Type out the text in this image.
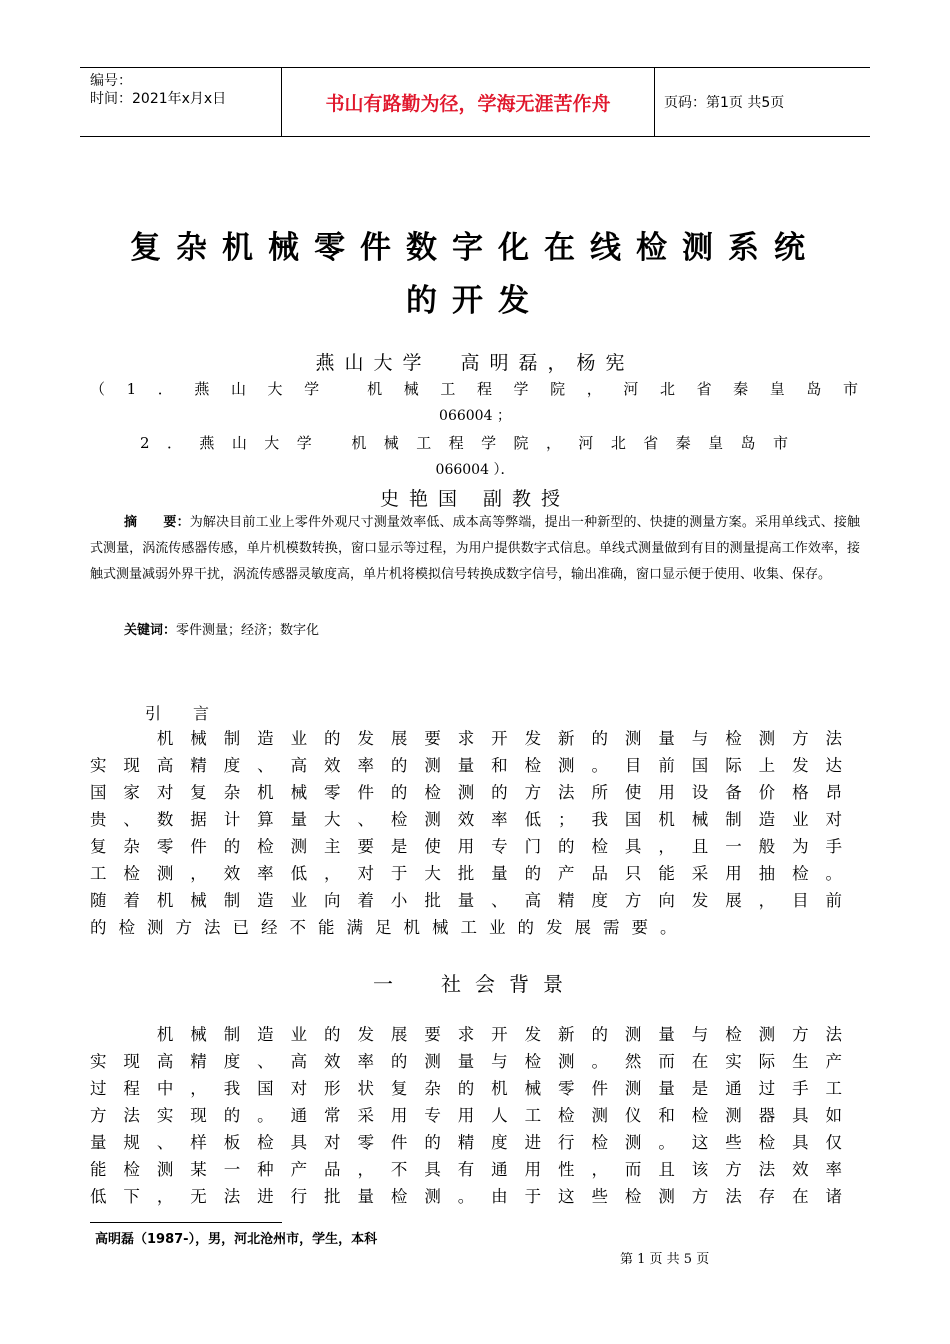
编号：
时间：2021年x月x日	书山有路勤为径，学海无涯苦作舟	页码：第1页 共5页
复杂机械零件数字化在线检测系统
的开发
燕山大学　高明磊，杨宪
（1．燕山大学 机械工程学院，河北省秦皇岛市
066004 ；
2．燕山大学 机械工程学院，河北省秦皇岛市
066004 ）．
史艳国 副教授
摘　　要：为解决目前工业上零件外观尺寸测量效率低、成本高等弊端，提出一种新型的、快捷的测量方案。采用单线式、接触式测量，涡流传感器传感，单片机模数转换，窗口显示等过程，为用户提供数字式信息。单线式测量做到有目的测量提高工作效率，接触式测量减弱外界干扰，涡流传感器灵敏度高，单片机将模拟信号转换成数字信号，输出准确，窗口显示便于使用、收集、保存。
关键词：零件测量；经济；数字化
引　言
　　机械制造业的发展要求开发新的测量与检测方法
实现高精度、高效率的测量和检测。目前国际上发达
国家对复杂机械零件的检测的方法所使用设备价格昂
贵、数据计算量大、检测效率低；我国机械制造业对
复杂零件的检测主要是使用专门的检具，且一般为手
工检测，效率低，对于大批量的产品只能采用抽检。
随着机械制造业向着小批量、高精度方向发展，目前
的检测方法已经不能满足机械工业的发展需要。
一　社会背景
　　机械制造业的发展要求开发新的测量与检测方法
实现高精度、高效率的测量与检测。然而在实际生产
过程中，我国对形状复杂的机械零件测量是通过手工
方法实现的。通常采用专用人工检测仪和检测器具如
量规、样板检具对零件的精度进行检测。这些检具仅
能检测某一种产品，不具有通用性，而且该方法效率
低下，无法进行批量检测。由于这些检测方法存在诸
高明磊（1987-），男，河北沧州市，学生，本科
第 1 页 共 5 页
